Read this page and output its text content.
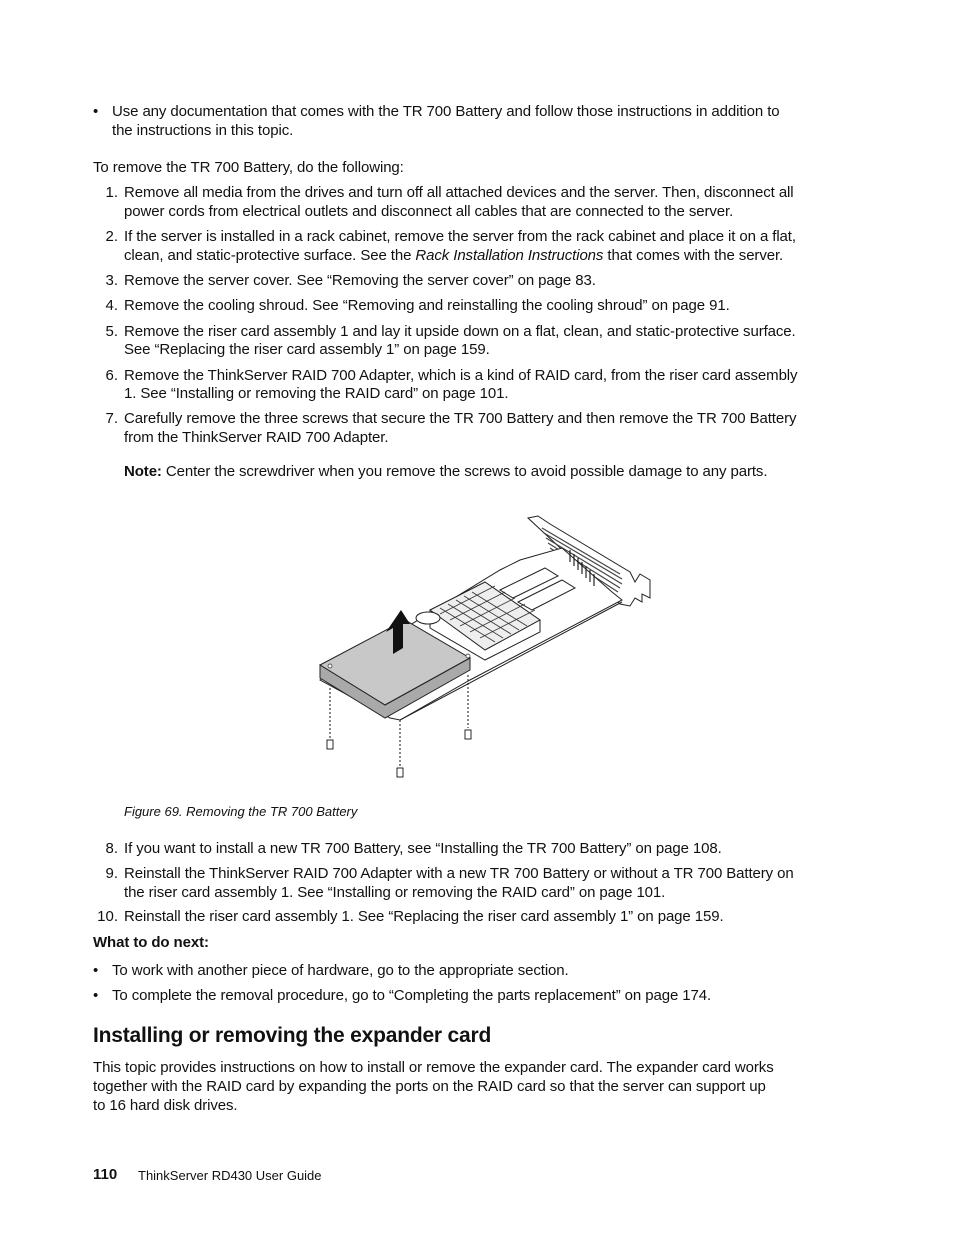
• Use any documentation that comes with the TR 700 Battery and follow those instructions in addition to
the instructions in this topic.
To remove the TR 700 Battery, do the following:
1. Remove all media from the drives and turn off all attached devices and the server. Then, disconnect all
power cords from electrical outlets and disconnect all cables that are connected to the server.
2. If the server is installed in a rack cabinet, remove the server from the rack cabinet and place it on a flat,
clean, and static-protective surface. See the Rack Installation Instructions that comes with the server.
3. Remove the server cover. See “Removing the server cover” on page 83.
4. Remove the cooling shroud. See “Removing and reinstalling the cooling shroud” on page 91.
5. Remove the riser card assembly 1 and lay it upside down on a flat, clean, and static-protective surface.
See “Replacing the riser card assembly 1” on page 159.
6. Remove the ThinkServer RAID 700 Adapter, which is a kind of RAID card, from the riser card assembly
1. See “Installing or removing the RAID card” on page 101.
7. Carefully remove the three screws that secure the TR 700 Battery and then remove the TR 700 Battery
from the ThinkServer RAID 700 Adapter.
Note: Center the screwdriver when you remove the screws to avoid possible damage to any parts.
Figure 69. Removing the TR 700 Battery
8. If you want to install a new TR 700 Battery, see “Installing the TR 700 Battery” on page 108.
9. Reinstall the ThinkServer RAID 700 Adapter with a new TR 700 Battery or without a TR 700 Battery on
the riser card assembly 1. See “Installing or removing the RAID card” on page 101.
10. Reinstall the riser card assembly 1. See “Replacing the riser card assembly 1” on page 159.
What to do next:
• To work with another piece of hardware, go to the appropriate section.
• To complete the removal procedure, go to “Completing the parts replacement” on page 174.
Installing or removing the expander card
This topic provides instructions on how to install or remove the expander card. The expander card works
together with the RAID card by expanding the ports on the RAID card so that the server can support up
to 16 hard disk drives.
110 ThinkServer RD430 User Guide
